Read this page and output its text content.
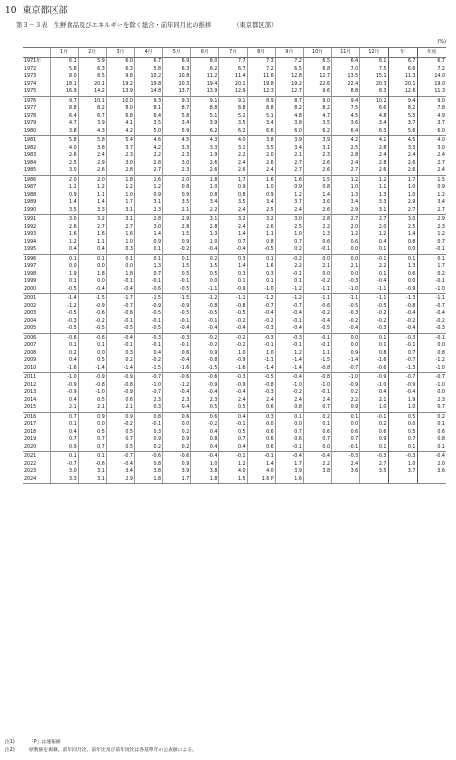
10 東京都区部
第３－３表　生鮮食品及びエネルギーを除く総合・前年同月比の推移	（東京都区部）
(%)
	1月	2月	3月	4月	5月	6月	7月	8月	9月	10月	11月	12月	年	年度
1971年	6.1	5.9	6.0	6.7	6.9	8.0	7.7	7.3	7.2	6.5	6.4	6.1	6.7	6.7
1972	5.8	6.3	6.3	5.8	6.3	6.2	6.7	7.2	6.5	6.8	7.0	7.5	6.6	7.2
1973	8.0	8.5	9.8	10.2	10.8	11.2	11.4	11.6	12.8	12.7	13.5	15.1	11.3	14.0
1974	18.1	20.1	19.2	19.8	20.3	19.4	20.1	19.8	19.2	22.6	22.4	20.3	20.1	19.0
1975	16.9	14.2	13.9	14.8	13.7	13.9	12.9	12.3	12.7	9.6	8.8	8.3	12.6	11.3
1976	9.7	10.1	10.0	9.3	9.3	9.1	9.1	8.9	8.7	9.0	9.4	10.2	9.4	9.0
1977	8.8	8.2	8.0	8.1	8.7	8.8	8.8	8.8	8.2	8.2	7.5	6.6	8.2	7.8
1978	6.4	6.7	6.8	6.4	5.8	5.1	5.2	5.1	4.8	4.7	4.5	4.8	5.5	4.9
1979	4.7	3.9	4.1	3.5	3.4	3.9	3.5	3.4	3.8	3.5	3.6	3.4	3.7	3.7
1980	3.8	4.3	4.2	5.0	5.9	6.2	6.2	6.6	6.0	6.2	6.4	6.3	5.6	6.0
1981	5.8	5.8	5.4	4.6	4.5	4.3	4.0	3.8	3.9	3.9	4.2	4.1	4.5	4.0
1982	4.0	3.8	3.7	4.2	3.3	3.3	3.1	3.5	3.4	3.1	2.5	2.8	3.3	3.0
1983	2.6	2.4	2.3	2.2	2.3	1.9	2.2	2.0	2.1	2.3	2.8	2.4	2.4	2.4
1984	2.5	2.9	3.0	2.8	3.0	2.6	2.4	2.6	2.7	2.6	2.4	2.8	2.6	2.7
1985	3.0	2.6	2.8	2.7	2.3	2.6	2.6	2.4	2.7	2.6	2.7	2.6	2.6	2.4
1986	2.0	2.0	1.8	1.6	2.0	1.8	1.7	1.6	1.6	1.5	1.2	1.2	1.7	1.5
1987	1.2	1.2	1.2	1.2	0.8	1.0	0.9	1.0	0.9	0.8	1.0	1.1	1.0	0.9
1988	0.9	1.1	1.0	0.9	0.9	0.8	0.8	0.9	1.2	1.4	1.3	1.3	1.0	1.2
1989	1.4	1.4	1.7	3.1	3.5	3.4	3.5	3.4	3.7	3.6	3.4	3.3	2.9	3.4
1990	3.5	3.3	3.1	2.3	2.1	2.2	2.4	2.5	2.4	2.6	2.9	3.1	2.7	2.7
1991	3.0	3.2	3.1	2.8	2.9	3.1	3.2	3.2	3.0	2.8	2.7	2.7	3.0	2.9
1992	2.6	2.7	2.7	3.0	2.8	2.8	2.4	2.6	2.5	2.2	2.0	2.0	2.5	2.3
1993	1.6	1.6	1.6	1.4	1.5	1.3	1.4	1.1	1.0	1.3	1.2	1.2	1.4	1.2
1994	1.2	1.1	1.0	0.9	0.9	1.0	0.7	0.8	0.7	0.6	0.6	0.4	0.8	0.7
1995	0.4	0.4	0.3	0.1	-0.2	-0.4	-0.4	-0.5	0.2	-0.1	0.0	0.1	0.0	-0.1
1996	0.1	0.1	0.1	0.1	0.1	0.2	0.3	0.1	-0.2	0.0	0.0	-0.1	0.1	0.1
1997	0.0	0.0	0.0	1.3	1.5	1.5	1.4	1.6	2.2	2.1	2.1	2.2	1.3	1.7
1998	1.9	1.8	1.8	0.7	0.5	0.5	0.3	0.3	-0.1	0.0	0.0	0.1	0.6	0.2
1999	0.1	0.0	-0.1	-0.1	-0.1	0.0	0.1	0.1	0.1	-0.2	-0.3	-0.4	0.0	-0.1
2000	-0.5	-0.4	-0.4	-0.6	-0.5	-1.1	-0.9	-1.0	-1.2	-1.1	-1.0	-1.1	-0.9	-1.0
2001	-1.4	-1.5	-1.7	-1.5	-1.5	-1.2	-1.1	-1.2	-1.2	-1.1	-1.1	-1.1	-1.3	-1.1
2002	-1.2	-0.9	-0.7	-0.9	-0.9	-0.8	-0.8	-0.7	-0.7	-0.6	-0.5	-0.5	-0.8	-0.7
2003	-0.5	-0.6	-0.6	-0.5	-0.5	-0.5	-0.5	-0.4	-0.4	-0.2	-0.3	-0.2	-0.4	-0.4
2004	-0.3	-0.2	-0.1	-0.1	-0.1	-0.1	-0.2	-0.2	-0.1	-0.4	-0.2	-0.2	-0.2	-0.2
2005	-0.5	-0.5	-0.5	-0.5	-0.4	-0.4	-0.4	-0.3	-0.4	-0.5	-0.4	-0.3	-0.4	-0.3
2006	-0.6	-0.6	-0.4	-0.3	-0.3	-0.2	-0.2	-0.3	-0.3	-0.1	0.0	0.1	-0.3	-0.1
2007	0.1	0.1	-0.1	-0.1	-0.1	-0.2	-0.2	-0.1	-0.1	-0.1	0.0	0.1	-0.1	0.0
2008	0.2	0.0	0.3	0.4	0.6	0.9	1.0	1.0	1.2	1.1	0.9	0.8	0.7	0.8
2009	0.4	0.5	0.2	-0.2	-0.4	-0.8	-0.9	-1.1	-1.4	-1.5	-1.4	-1.6	-0.7	-1.2
2010	-1.6	-1.4	-1.4	-1.5	-1.6	-1.5	-1.6	-1.4	-1.4	-0.8	-0.7	-0.6	-1.3	-1.0
2011	-1.0	-0.9	-0.9	-0.7	-0.6	-0.6	-0.3	-0.5	-0.4	-0.8	-1.0	-0.9	-0.7	-0.7
2012	-0.9	-0.8	-0.8	-1.0	-1.2	-0.9	-0.9	-0.8	-1.0	-1.0	-0.9	-1.0	-0.9	-1.0
2013	-0.9	-1.0	-0.9	-0.7	-0.4	-0.4	-0.4	-0.3	-0.2	-0.1	0.2	0.4	-0.4	0.0
2014	0.4	0.5	0.6	2.3	2.3	2.3	2.4	2.4	2.4	2.4	2.2	2.1	1.9	2.3
2015	2.1	2.1	2.1	0.3	0.4	0.5	0.5	0.6	0.8	0.7	0.9	1.0	1.0	0.7
2016	0.7	0.9	0.9	0.8	0.6	0.6	0.4	0.3	0.1	0.2	0.1	-0.1	0.5	0.2
2017	0.1	0.0	-0.2	-0.1	0.0	-0.2	-0.1	0.0	0.0	0.1	0.0	0.2	0.0	0.1
2018	0.4	0.5	0.5	0.3	0.2	0.4	0.5	0.6	0.7	0.6	0.6	0.6	0.5	0.6
2019	0.7	0.7	0.7	0.9	0.9	0.8	0.7	0.6	0.6	0.7	0.7	0.9	0.7	0.8
2020	0.9	0.7	0.5	0.2	0.2	0.4	0.4	0.6	-0.1	0.0	-0.1	0.1	0.1	0.1
2021	0.1	0.1	-0.7	-0.6	-0.6	-0.4	-0.1	-0.1	-0.4	-0.4	-0.3	-0.3	-0.3	-0.4
2022	-0.7	-0.6	-0.4	0.8	0.9	1.0	1.2	1.4	1.7	2.2	2.4	2.7	1.0	2.0
2023	3.0	3.1	3.4	3.8	3.9	3.8	4.0	4.0	3.9	3.8	3.6	3.5	3.7	3.6
2024	3.3	3.1	2.9	1.8	1.7	1.8	1.5	1.6 P	1.6					
注1)	「P」は速報値
注2)	原数値を掲載。前年同月比、前年比及び前年度比は各基準年の公表値による。
